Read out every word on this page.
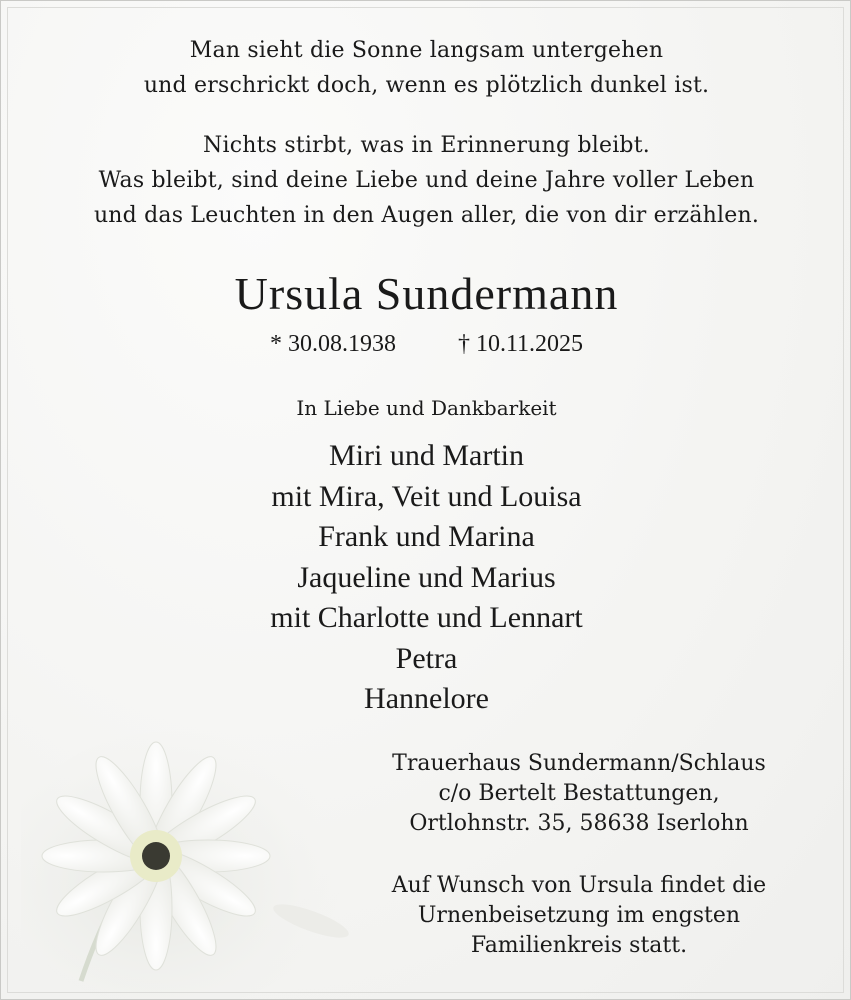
Man sieht die Sonne langsam untergehen
und erschrickt doch, wenn es plötzlich dunkel ist.
Nichts stirbt, was in Erinnerung bleibt.
Was bleibt, sind deine Liebe und deine Jahre voller Leben
und das Leuchten in den Augen aller, die von dir erzählen.
Ursula Sundermann
* 30.08.1938	† 10.11.2025
In Liebe und Dankbarkeit
Miri und Martin
mit Mira, Veit und Louisa
Frank und Marina
Jaqueline und Marius
mit Charlotte und Lennart
Petra
Hannelore
Trauerhaus Sundermann/Schlaus
c/o Bertelt Bestattungen,
Ortlohnstr. 35, 58638 Iserlohn
Auf Wunsch von Ursula findet die
Urnenbeisetzung im engsten
Familienkreis statt.
